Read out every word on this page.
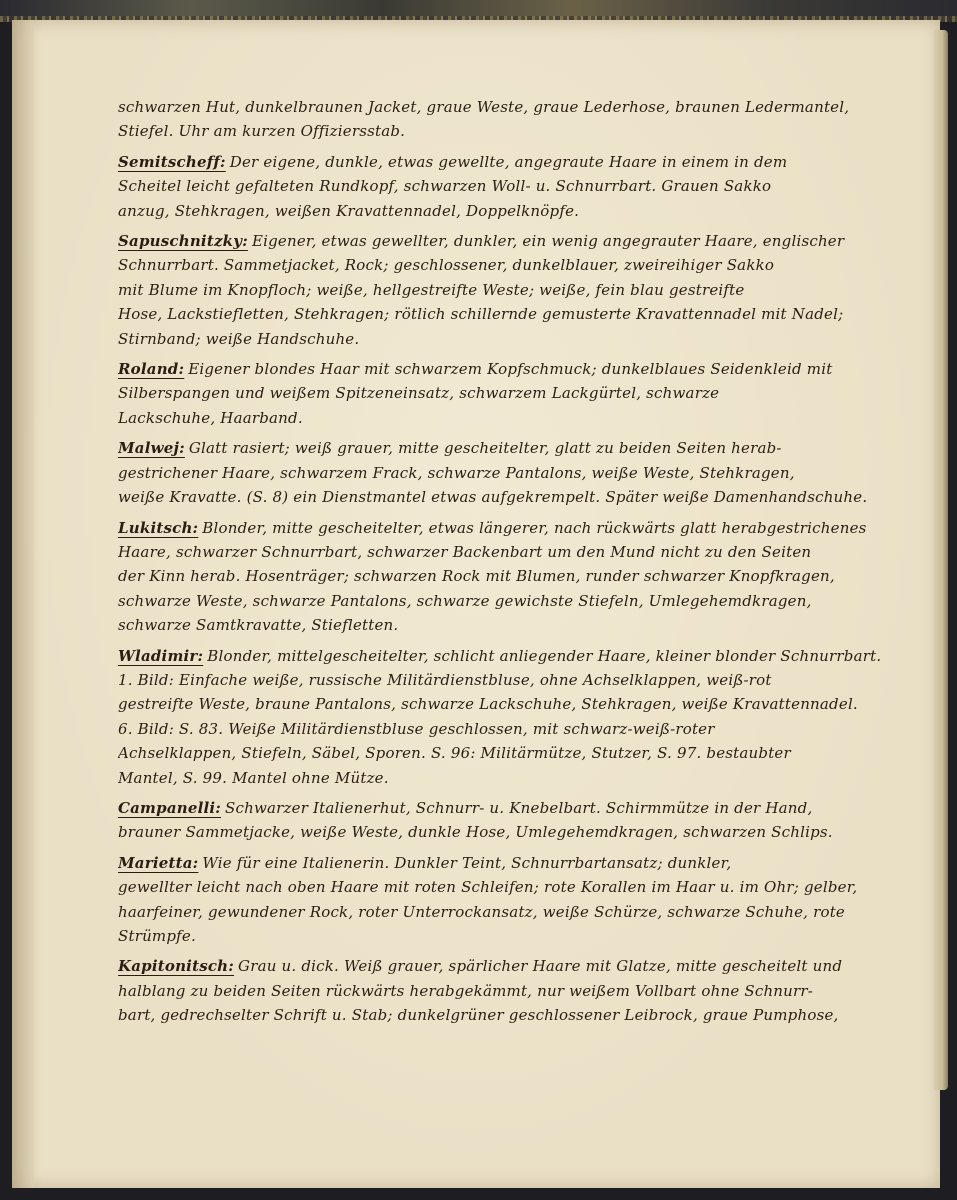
schwarzen Hut, dunkelbraunen Jacket, graue Weste, graue Lederhose, braunen Ledermantel,
Stiefel. Uhr am kurzen Offiziersstab.
Semitscheff: Der eigene, dunkle, etwas gewellte, angegraute Haare in einem in dem
Scheitel leicht gefalteten Rundkopf, schwarzen Woll- u. Schnurrbart. Grauen Sakko
anzug, Stehkragen, weißen Kravattennadel, Doppelknöpfe.
Sapuschnitzky: Eigener, etwas gewellter, dunkler, ein wenig angegrauter Haare, englischer
Schnurrbart. Sammetjacket, Rock; geschlossener, dunkelblauer, zweireihiger Sakko
mit Blume im Knopfloch; weiße, hellgestreifte Weste; weiße, fein blau gestreifte
Hose, Lackstiefletten, Stehkragen; rötlich schillernde gemusterte Kravattennadel mit Nadel;
Stirnband; weiße Handschuhe.
Roland: Eigener blondes Haar mit schwarzem Kopfschmuck; dunkelblaues Seidenkleid mit
Silberspangen und weißem Spitzeneinsatz, schwarzem Lackgürtel, schwarze
Lackschuhe, Haarband.
Malwej: Glatt rasiert; weiß grauer, mitte gescheitelter, glatt zu beiden Seiten herab-
gestrichener Haare, schwarzem Frack, schwarze Pantalons, weiße Weste, Stehkragen,
weiße Kravatte. (S. 8) ein Dienstmantel etwas aufgekrempelt. Später weiße Damenhandschuhe.
Lukitsch: Blonder, mitte gescheitelter, etwas längerer, nach rückwärts glatt herabgestrichenes
Haare, schwarzer Schnurrbart, schwarzer Backenbart um den Mund nicht zu den Seiten
der Kinn herab. Hosenträger; schwarzen Rock mit Blumen, runder schwarzer Knopfkragen,
schwarze Weste, schwarze Pantalons, schwarze gewichste Stiefeln, Umlegehemdkragen,
schwarze Samtkravatte, Stiefletten.
Wladimir: Blonder, mittelgescheitelter, schlicht anliegender Haare, kleiner blonder Schnurrbart.
1. Bild: Einfache weiße, russische Militärdienstbluse, ohne Achselklappen, weiß-rot
gestreifte Weste, braune Pantalons, schwarze Lackschuhe, Stehkragen, weiße Kravattennadel.
6. Bild: S. 83. Weiße Militärdienstbluse geschlossen, mit schwarz-weiß-roter
Achselklappen, Stiefeln, Säbel, Sporen. S. 96: Militärmütze, Stutzer, S. 97. bestaubter
Mantel, S. 99. Mantel ohne Mütze.
Campanelli: Schwarzer Italienerhut, Schnurr- u. Knebelbart. Schirmmütze in der Hand,
brauner Sammetjacke, weiße Weste, dunkle Hose, Umlegehemdkragen, schwarzen Schlips.
Marietta: Wie für eine Italienerin. Dunkler Teint, Schnurrbartansatz; dunkler,
gewellter leicht nach oben Haare mit roten Schleifen; rote Korallen im Haar u. im Ohr; gelber,
haarfeiner, gewundener Rock, roter Unterrockansatz, weiße Schürze, schwarze Schuhe, rote
Strümpfe.
Kapitonitsch: Grau u. dick. Weiß grauer, spärlicher Haare mit Glatze, mitte gescheitelt und
halblang zu beiden Seiten rückwärts herabgekämmt, nur weißem Vollbart ohne Schnurr-
bart, gedrechselter Schrift u. Stab; dunkelgrüner geschlossener Leibrock, graue Pumphose,
